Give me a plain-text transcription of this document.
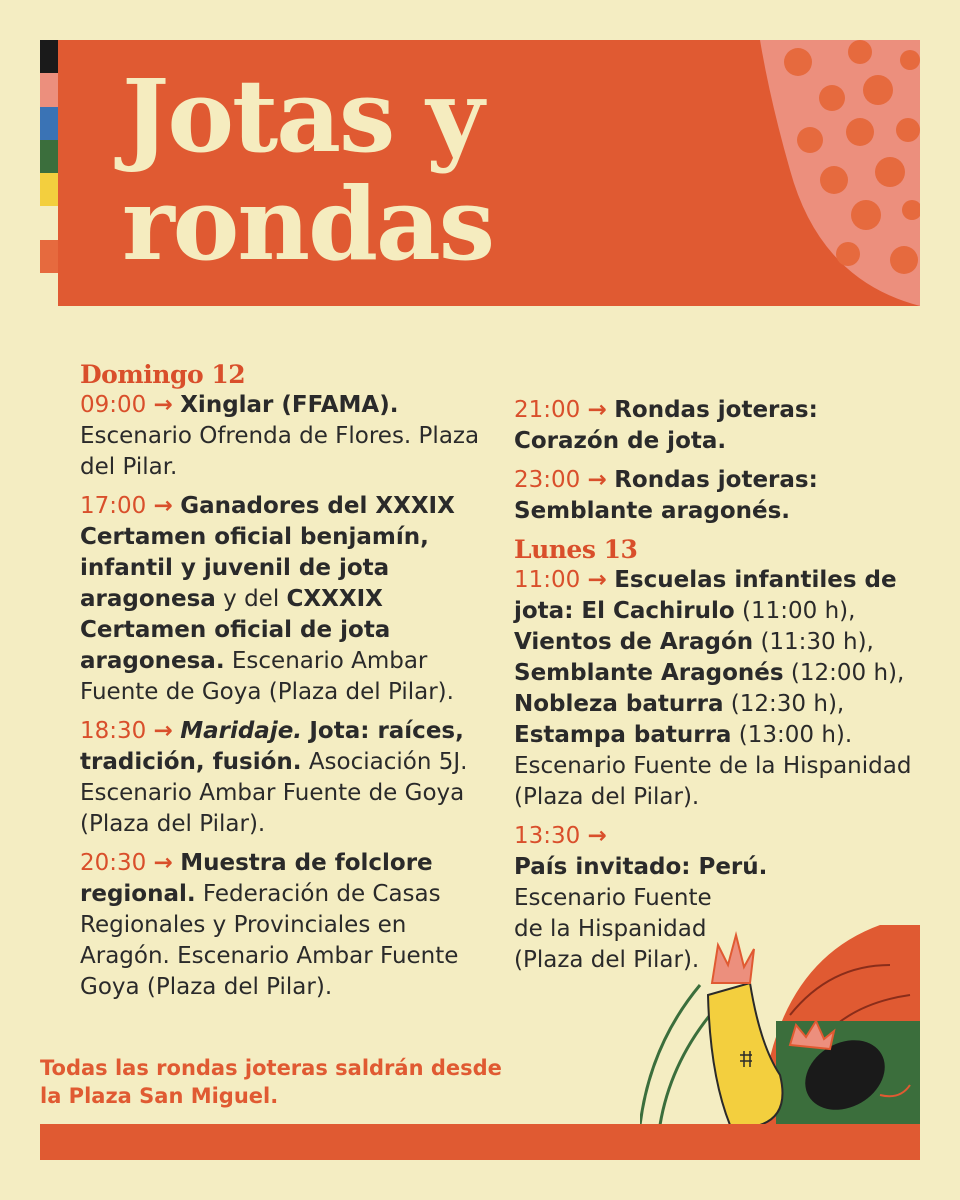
Jotas y
rondas
Domingo 12

09:00 → Xinglar (FFAMA). Escenario Ofrenda de Flores. Plaza del Pilar.

17:00 → Ganadores del XXXIX Certamen oficial benjamín, infantil y juvenil de jota aragonesa y del CXXXIX Certamen oficial de jota aragonesa. Escenario Ambar Fuente de Goya (Plaza del Pilar).

18:30 → Maridaje. Jota: raíces, tradición, fusión. Asociación 5J. Escenario Ambar Fuente de Goya (Plaza del Pilar).

20:30 → Muestra de folclore regional. Federación de Casas Regionales y Provinciales en Aragón. Escenario Ambar Fuente Goya (Plaza del Pilar).

21:00 → Rondas joteras: Corazón de jota.

23:00 → Rondas joteras: Semblante aragonés.

Lunes 13

11:00 → Escuelas infantiles de jota: El Cachirulo (11:00 h), Vientos de Aragón (11:30 h), Semblante Aragonés (12:00 h), Nobleza baturra (12:30 h), Estampa baturra (13:00 h). Escenario Fuente de la Hispanidad (Plaza del Pilar).

13:30 → País invitado: Perú. Escenario Fuente de la Hispanidad (Plaza del Pilar).

Todas las rondas joteras saldrán desde la Plaza San Miguel.
